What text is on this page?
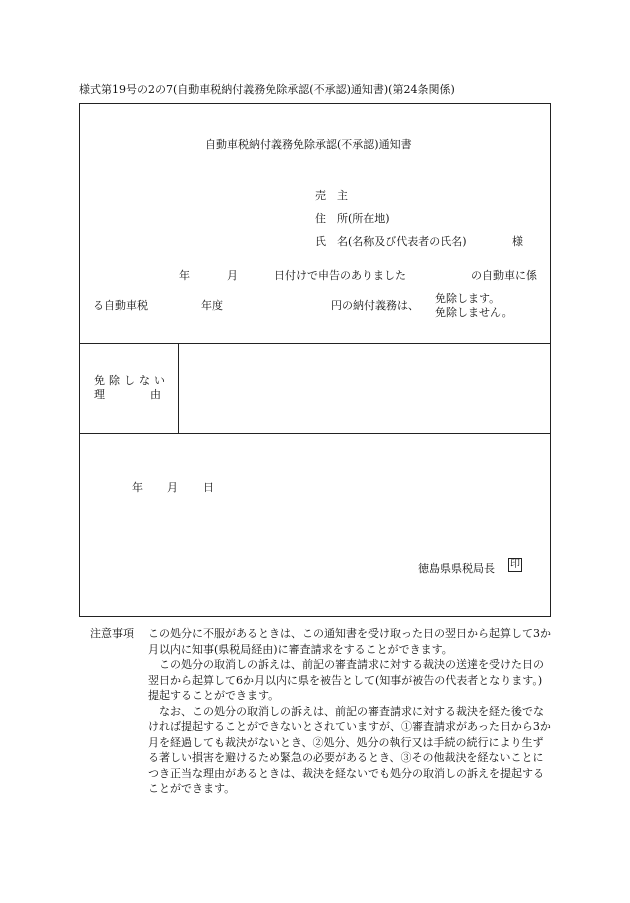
様式第19号の2の7(自動車税納付義務免除承認(不承認)通知書)(第24条関係)
自動車税納付義務免除承認(不承認)通知書
売　主
住　所(所在地)
氏　名(名称及び代表者の氏名)	様
年	月	日付けで申告のありました	の自動車に係
る自動車税	年度	円の納付義務は、
免除します。
免除しません。
免除しない
理	由
年 月 日
徳島県県税局長 印
注意事項	この処分に不服があるときは、この通知書を受け取った日の翌日から起算して3か月以内に知事(県税局経由)に審査請求をすることができます。

この処分の取消しの訴えは、前記の審査請求に対する裁決の送達を受けた日の翌日から起算して6か月以内に県を被告として(知事が被告の代表者となります。)提起することができます。

なお、この処分の取消しの訴えは、前記の審査請求に対する裁決を経た後でなければ提起することができないとされていますが、①審査請求があった日から3か月を経過しても裁決がないとき、②処分、処分の執行又は手続の続行により生ずる著しい損害を避けるため緊急の必要があるとき、③その他裁決を経ないことにつき正当な理由があるときは、裁決を経ないでも処分の取消しの訴えを提起することができます。
